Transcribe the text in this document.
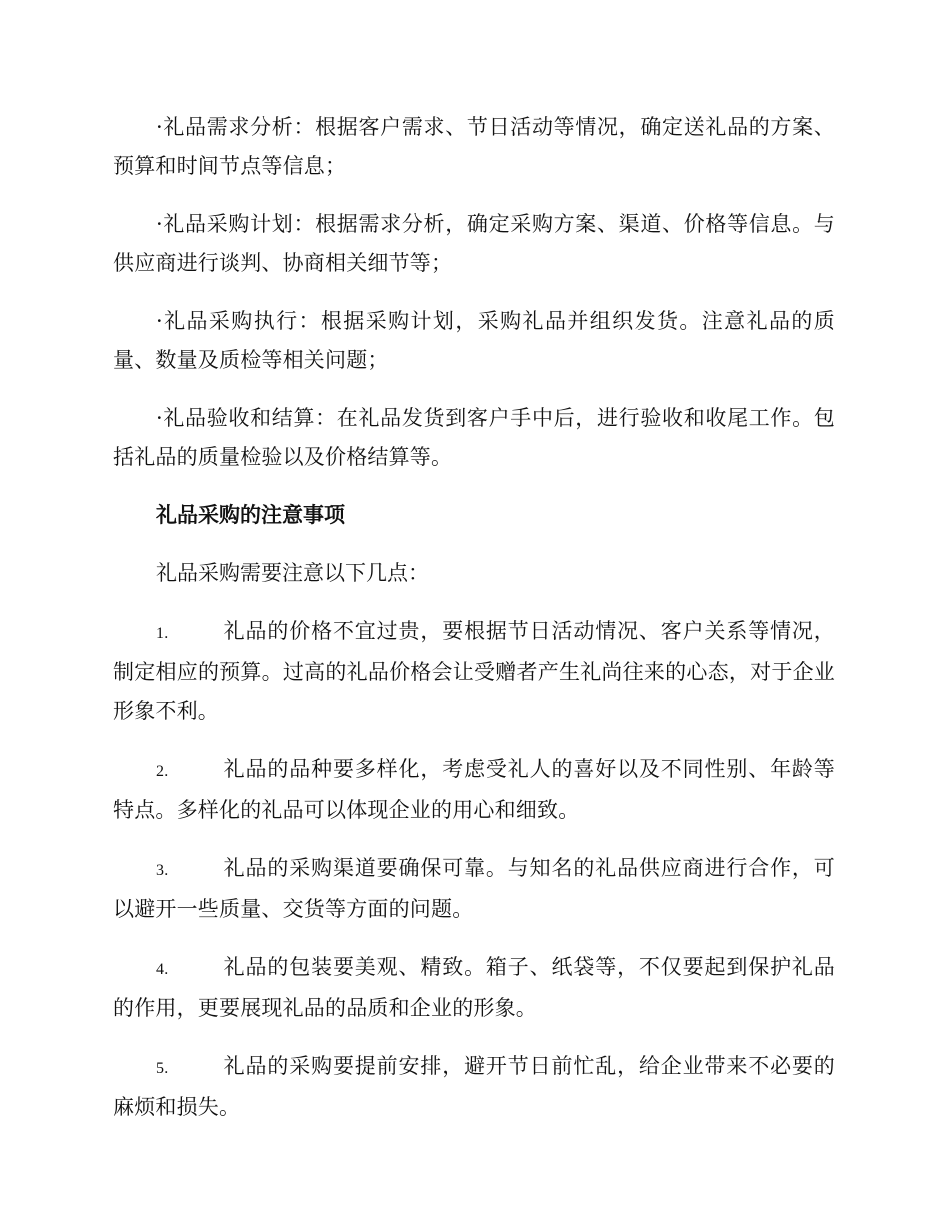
·礼品需求分析：根据客户需求、节日活动等情况，确定送礼品的方案、预算和时间节点等信息；

·礼品采购计划：根据需求分析，确定采购方案、渠道、价格等信息。与供应商进行谈判、协商相关细节等；

·礼品采购执行：根据采购计划，采购礼品并组织发货。注意礼品的质量、数量及质检等相关问题；

·礼品验收和结算：在礼品发货到客户手中后，进行验收和收尾工作。包括礼品的质量检验以及价格结算等。

礼品采购的注意事项

礼品采购需要注意以下几点：

1.	礼品的价格不宜过贵，要根据节日活动情况、客户关系等情况，制定相应的预算。过高的礼品价格会让受赠者产生礼尚往来的心态，对于企业形象不利。

2.	礼品的品种要多样化，考虑受礼人的喜好以及不同性别、年龄等特点。多样化的礼品可以体现企业的用心和细致。

3.	礼品的采购渠道要确保可靠。与知名的礼品供应商进行合作，可以避开一些质量、交货等方面的问题。

4.	礼品的包装要美观、精致。箱子、纸袋等，不仅要起到保护礼品的作用，更要展现礼品的品质和企业的形象。

5.	礼品的采购要提前安排，避开节日前忙乱，给企业带来不必要的麻烦和损失。
